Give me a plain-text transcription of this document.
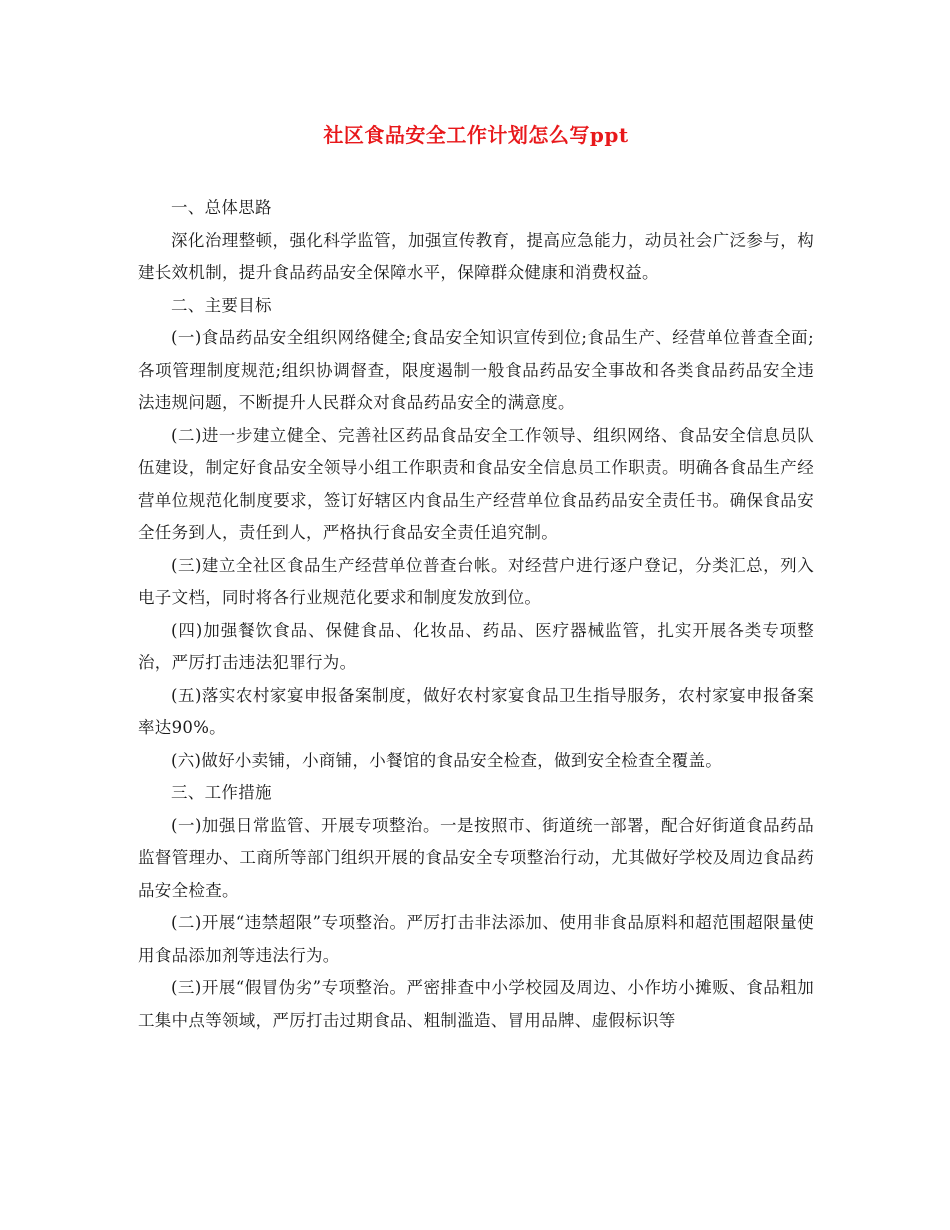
社区食品安全工作计划怎么写ppt

一、总体思路

深化治理整顿，强化科学监管，加强宣传教育，提高应急能力，动员社会广泛参与，构建长效机制，提升食品药品安全保障水平，保障群众健康和消费权益。

二、主要目标

(一)食品药品安全组织网络健全;食品安全知识宣传到位;食品生产、经营单位普查全面;各项管理制度规范;组织协调督查，限度遏制一般食品药品安全事故和各类食品药品安全违法违规问题，不断提升人民群众对食品药品安全的满意度。

(二)进一步建立健全、完善社区药品食品安全工作领导、组织网络、食品安全信息员队伍建设，制定好食品安全领导小组工作职责和食品安全信息员工作职责。明确各食品生产经营单位规范化制度要求，签订好辖区内食品生产经营单位食品药品安全责任书。确保食品安全任务到人，责任到人，严格执行食品安全责任追究制。

(三)建立全社区食品生产经营单位普查台帐。对经营户进行逐户登记，分类汇总，列入电子文档，同时将各行业规范化要求和制度发放到位。

(四)加强餐饮食品、保健食品、化妆品、药品、医疗器械监管，扎实开展各类专项整治，严厉打击违法犯罪行为。

(五)落实农村家宴申报备案制度，做好农村家宴食品卫生指导服务，农村家宴申报备案率达90%。

(六)做好小卖铺，小商铺，小餐馆的食品安全检查，做到安全检查全覆盖。

三、工作措施

(一)加强日常监管、开展专项整治。一是按照市、街道统一部署，配合好街道食品药品监督管理办、工商所等部门组织开展的食品安全专项整治行动，尤其做好学校及周边食品药品安全检查。

(二)开展“违禁超限”专项整治。严厉打击非法添加、使用非食品原料和超范围超限量使用食品添加剂等违法行为。

(三)开展“假冒伪劣”专项整治。严密排查中小学校园及周边、小作坊小摊贩、食品粗加工集中点等领域，严厉打击过期食品、粗制滥造、冒用品牌、虚假标识等
